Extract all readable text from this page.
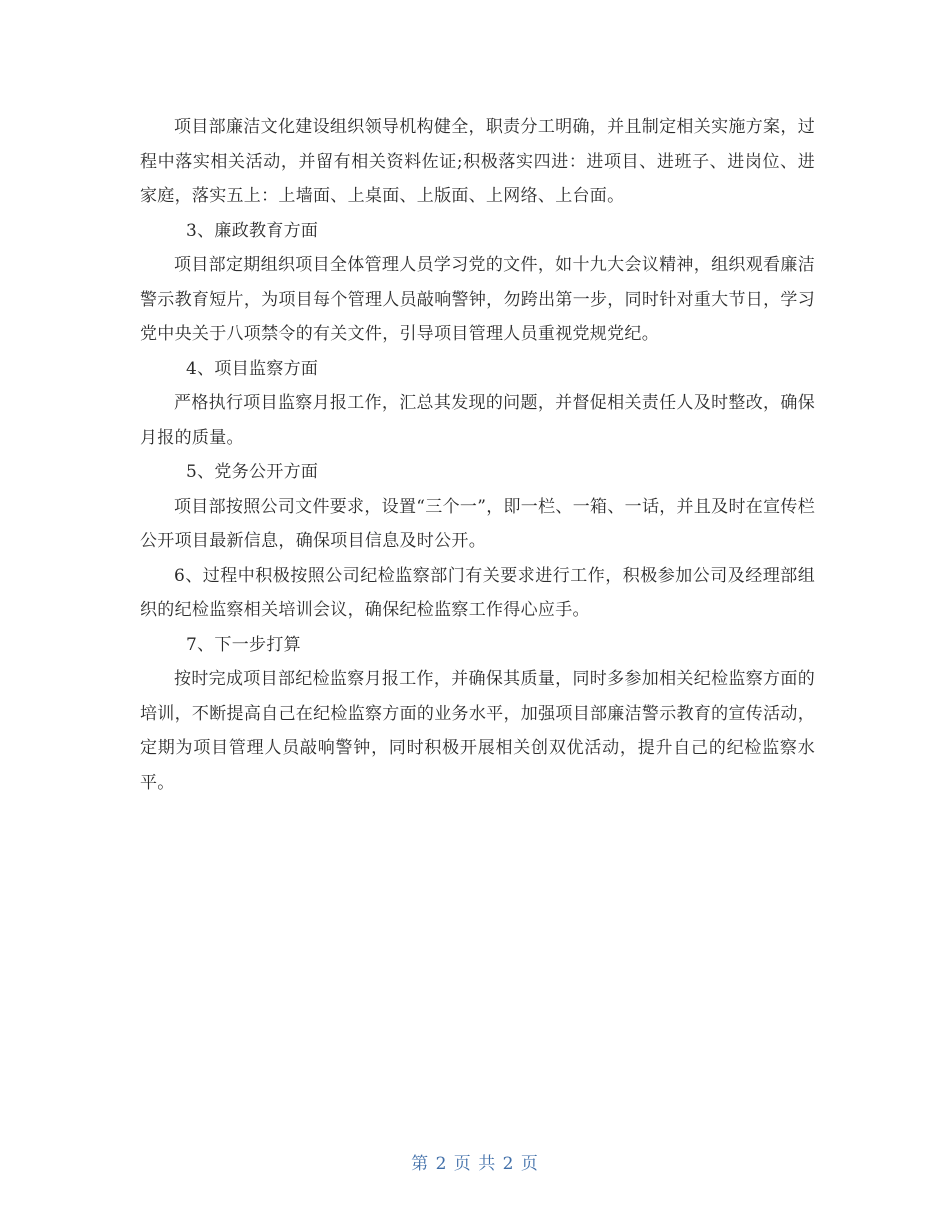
项目部廉洁文化建设组织领导机构健全，职责分工明确，并且制定相关实施方案，过程中落实相关活动，并留有相关资料佐证;积极落实四进：进项目、进班子、进岗位、进家庭，落实五上：上墙面、上桌面、上版面、上网络、上台面。

3、廉政教育方面

项目部定期组织项目全体管理人员学习党的文件，如十九大会议精神，组织观看廉洁警示教育短片，为项目每个管理人员敲响警钟，勿跨出第一步，同时针对重大节日，学习党中央关于八项禁令的有关文件，引导项目管理人员重视党规党纪。

4、项目监察方面

严格执行项目监察月报工作，汇总其发现的问题，并督促相关责任人及时整改，确保月报的质量。

5、党务公开方面

项目部按照公司文件要求，设置“三个一”，即一栏、一箱、一话，并且及时在宣传栏公开项目最新信息，确保项目信息及时公开。

6、过程中积极按照公司纪检监察部门有关要求进行工作，积极参加公司及经理部组织的纪检监察相关培训会议，确保纪检监察工作得心应手。

7、下一步打算

按时完成项目部纪检监察月报工作，并确保其质量，同时多参加相关纪检监察方面的培训，不断提高自己在纪检监察方面的业务水平，加强项目部廉洁警示教育的宣传活动，定期为项目管理人员敲响警钟，同时积极开展相关创双优活动，提升自己的纪检监察水平。

第 2 页 共 2 页
